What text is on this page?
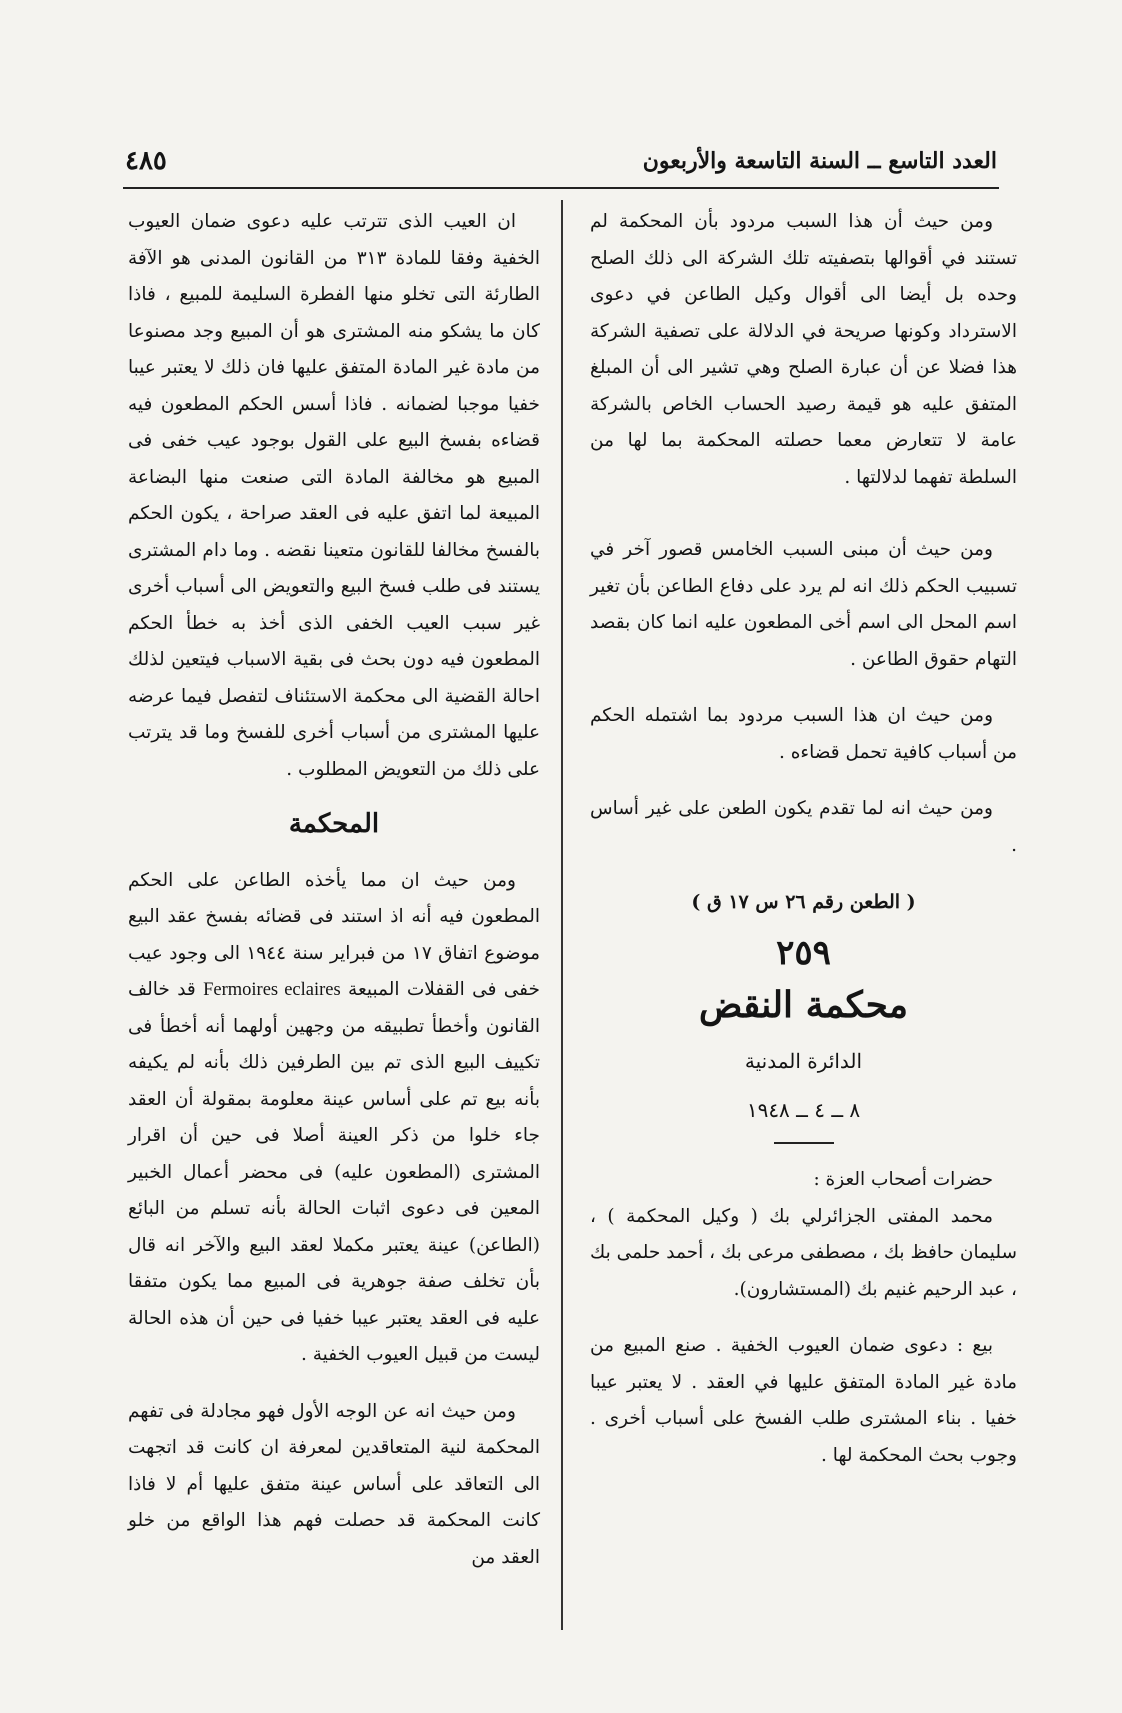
العدد التاسع ــ السنة التاسعة والأربعون
٤٨٥

ومن حيث أن هذا السبب مردود بأن المحكمة لم تستند في أقوالها بتصفيته تلك الشركة الى ذلك الصلح وحده بل أيضا الى أقوال وكيل الطاعن في دعوى الاسترداد وكونها صريحة في الدلالة على تصفية الشركة هذا فضلا عن أن عبارة الصلح وهي تشير الى أن المبلغ المتفق عليه هو قيمة رصيد الحساب الخاص بالشركة عامة لا تتعارض معما حصلته المحكمة بما لها من السلطة تفهما لدلالتها .

ومن حيث أن مبنى السبب الخامس قصور آخر في تسبيب الحكم ذلك انه لم يرد على دفاع الطاعن بأن تغير اسم المحل الى اسم أخى المطعون عليه انما كان بقصد التهام حقوق الطاعن .

ومن حيث ان هذا السبب مردود بما اشتمله الحكم من أسباب كافية تحمل قضاءه .

ومن حيث انه لما تقدم يكون الطعن على غير أساس .

( الطعن رقم ٢٦ س ١٧ ق )
٢٥٩
محكمة النقض
الدائرة المدنية
٨ ــ ٤ ــ ١٩٤٨

حضرات أصحاب العزة :

محمد المفتى الجزائرلي بك ( وكيل المحكمة ) ، سليمان حافظ بك ، مصطفى مرعى بك ، أحمد حلمى بك ، عبد الرحيم غنيم بك (المستشارون).

بيع : دعوى ضمان العيوب الخفية . صنع المبيع من مادة غير المادة المتفق عليها في العقد . لا يعتبر عيبا خفيا . بناء المشترى طلب الفسخ على أسباب أخرى . وجوب بحث المحكمة لها .

ان العيب الذى تترتب عليه دعوى ضمان العيوب الخفية وفقا للمادة ٣١٣ من القانون المدنى هو الآفة الطارئة التى تخلو منها الفطرة السليمة للمبيع ، فاذا كان ما يشكو منه المشترى هو أن المبيع وجد مصنوعا من مادة غير المادة المتفق عليها فان ذلك لا يعتبر عيبا خفيا موجبا لضمانه . فاذا أسس الحكم المطعون فيه قضاءه بفسخ البيع على القول بوجود عيب خفى فى المبيع هو مخالفة المادة التى صنعت منها البضاعة المبيعة لما اتفق عليه فى العقد صراحة ، يكون الحكم بالفسخ مخالفا للقانون متعينا نقضه . وما دام المشترى يستند فى طلب فسخ البيع والتعويض الى أسباب أخرى غير سبب العيب الخفى الذى أخذ به خطأ الحكم المطعون فيه دون بحث فى بقية الاسباب فيتعين لذلك احالة القضية الى محكمة الاستئناف لتفصل فيما عرضه عليها المشترى من أسباب أخرى للفسخ وما قد يترتب على ذلك من التعويض المطلوب .

المحكمة

ومن حيث ان مما يأخذه الطاعن على الحكم المطعون فيه أنه اذ استند فى قضائه بفسخ عقد البيع موضوع اتفاق ١٧ من فبراير سنة ١٩٤٤ الى وجود عيب خفى فى القفلات المبيعة Fermoires eclaires قد خالف القانون وأخطأ تطبيقه من وجهين أولهما أنه أخطأ فى تكييف البيع الذى تم بين الطرفين ذلك بأنه لم يكيفه بأنه بيع تم على أساس عينة معلومة بمقولة أن العقد جاء خلوا من ذكر العينة أصلا فى حين أن اقرار المشترى (المطعون عليه) فى محضر أعمال الخبير المعين فى دعوى اثبات الحالة بأنه تسلم من البائع (الطاعن) عينة يعتبر مكملا لعقد البيع والآخر انه قال بأن تخلف صفة جوهرية فى المبيع مما يكون متفقا عليه فى العقد يعتبر عيبا خفيا فى حين أن هذه الحالة ليست من قبيل العيوب الخفية .

ومن حيث انه عن الوجه الأول فهو مجادلة فى تفهم المحكمة لنية المتعاقدين لمعرفة ان كانت قد اتجهت الى التعاقد على أساس عينة متفق عليها أم لا فاذا كانت المحكمة قد حصلت فهم هذا الواقع من خلو العقد من
